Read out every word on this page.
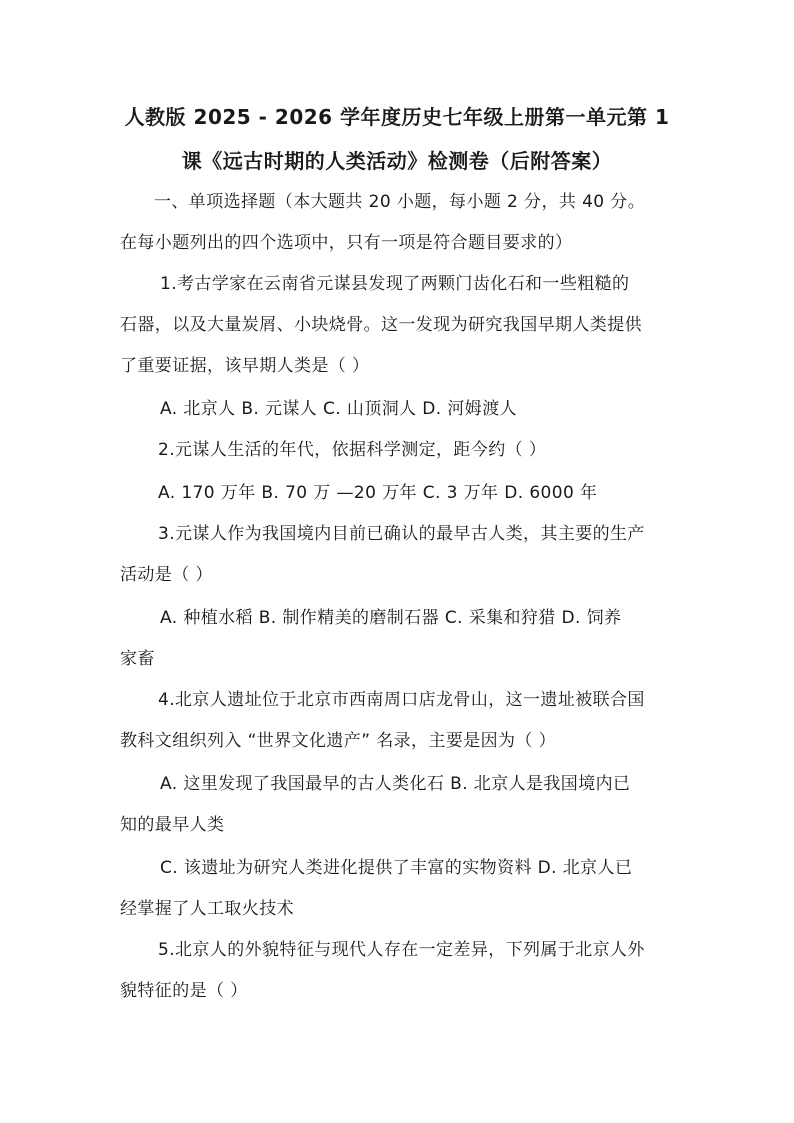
人教版 2025 - 2026 学年度历史七年级上册第一单元第 1
课《远古时期的人类活动》检测卷（后附答案）
一、单项选择题（本大题共 20 小题，每小题 2 分，共 40 分。
在每小题列出的四个选项中，只有一项是符合题目要求的）
1.考古学家在云南省元谋县发现了两颗门齿化石和一些粗糙的
石器，以及大量炭屑、小块烧骨。这一发现为研究我国早期人类提供
了重要证据，该早期人类是（ ）
A. 北京人 B. 元谋人 C. 山顶洞人 D. 河姆渡人
2.元谋人生活的年代，依据科学测定，距今约（ ）
A. 170 万年 B. 70 万 —20 万年 C. 3 万年 D. 6000 年
3.元谋人作为我国境内目前已确认的最早古人类，其主要的生产
活动是（ ）
A. 种植水稻 B. 制作精美的磨制石器 C. 采集和狩猎 D. 饲养
家畜
4.北京人遗址位于北京市西南周口店龙骨山，这一遗址被联合国
教科文组织列入 “世界文化遗产” 名录，主要是因为（ ）
A. 这里发现了我国最早的古人类化石 B. 北京人是我国境内已
知的最早人类
C. 该遗址为研究人类进化提供了丰富的实物资料 D. 北京人已
经掌握了人工取火技术
5.北京人的外貌特征与现代人存在一定差异，下列属于北京人外
貌特征的是（ ）
